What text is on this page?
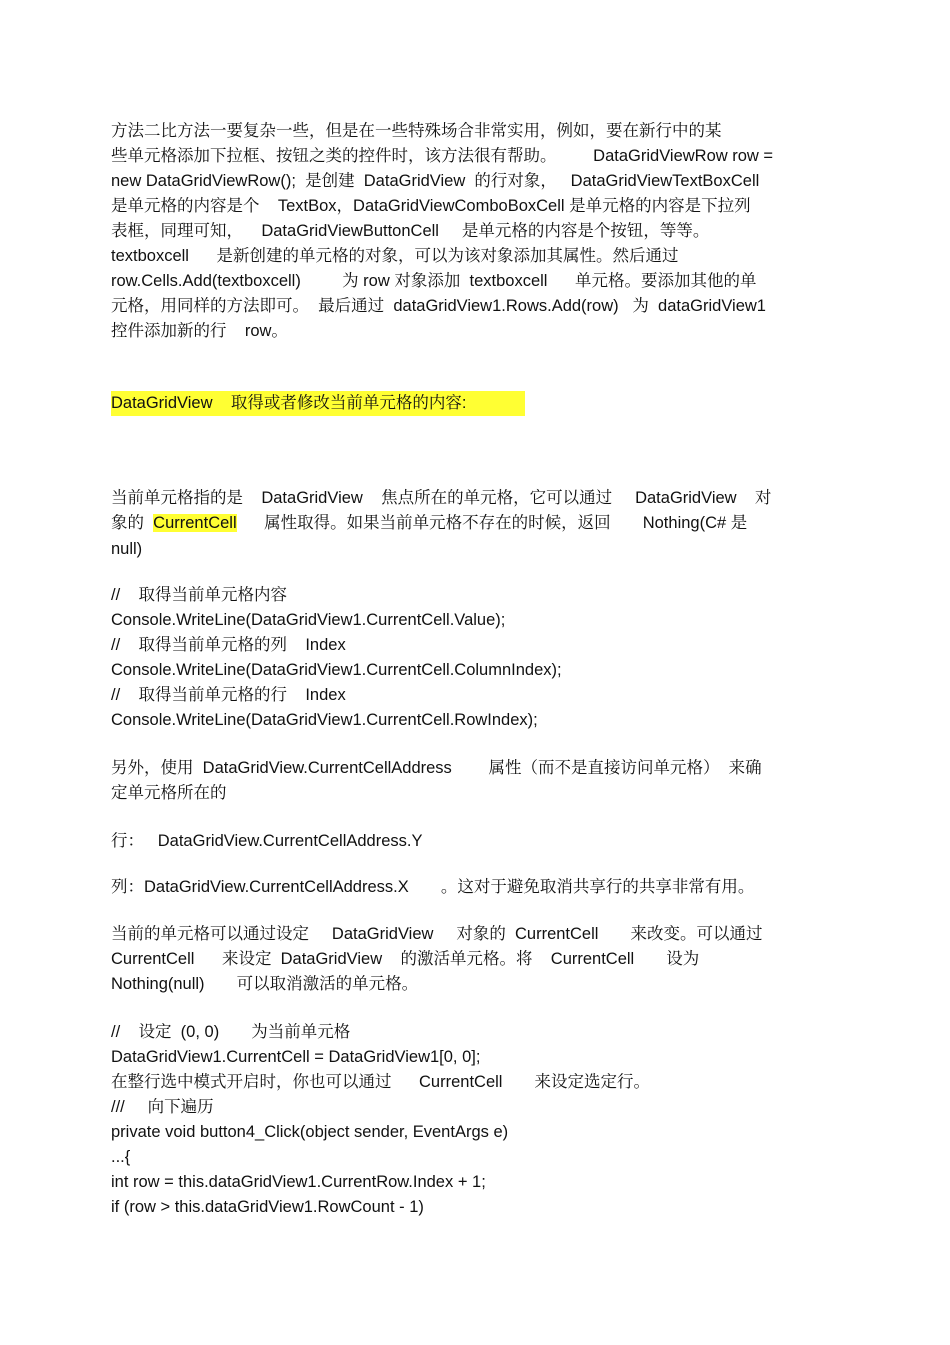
方法二比方法一要复杂一些，但是在一些特殊场合非常实用，例如，要在新行中的某

些单元格添加下拉框、按钮之类的控件时，该方法很有帮助。        DataGridViewRow row =

new DataGridViewRow();  是创建  DataGridView  的行对象，   DataGridViewTextBoxCell

是单元格的内容是个    TextBox，DataGridViewComboBoxCell 是单元格的内容是下拉列

表框，同理可知，    DataGridViewButtonCell     是单元格的内容是个按钮，等等。

textboxcell      是新创建的单元格的对象，可以为该对象添加其属性。然后通过

row.Cells.Add(textboxcell)         为 row 对象添加  textboxcell      单元格。要添加其他的单

元格，用同样的方法即可。  最后通过  dataGridView1.Rows.Add(row)   为  dataGridView1

控件添加新的行    row。

DataGridView    取得或者修改当前单元格的内容:

当前单元格指的是    DataGridView    焦点所在的单元格，它可以通过     DataGridView    对

象的  CurrentCell      属性取得。如果当前单元格不存在的时候，返回       Nothing(C# 是

null)

//    取得当前单元格内容

Console.WriteLine(DataGridView1.CurrentCell.Value);

//    取得当前单元格的列    Index

Console.WriteLine(DataGridView1.CurrentCell.ColumnIndex);

//    取得当前单元格的行    Index

Console.WriteLine(DataGridView1.CurrentCell.RowIndex);

另外，使用  DataGridView.CurrentCellAddress        属性（而不是直接访问单元格）  来确

定单元格所在的

行：   DataGridView.CurrentCellAddress.Y

列：DataGridView.CurrentCellAddress.X       。这对于避免取消共享行的共享非常有用。

当前的单元格可以通过设定     DataGridView     对象的  CurrentCell       来改变。可以通过

CurrentCell      来设定  DataGridView    的激活单元格。将    CurrentCell       设为

Nothing(null)       可以取消激活的单元格。

//    设定  (0, 0)       为当前单元格

DataGridView1.CurrentCell = DataGridView1[0, 0];

在整行选中模式开启时，你也可以通过      CurrentCell       来设定选定行。

///     向下遍历

private void button4_Click(object sender, EventArgs e)

...{

int row = this.dataGridView1.CurrentRow.Index + 1;

if (row > this.dataGridView1.RowCount - 1)
